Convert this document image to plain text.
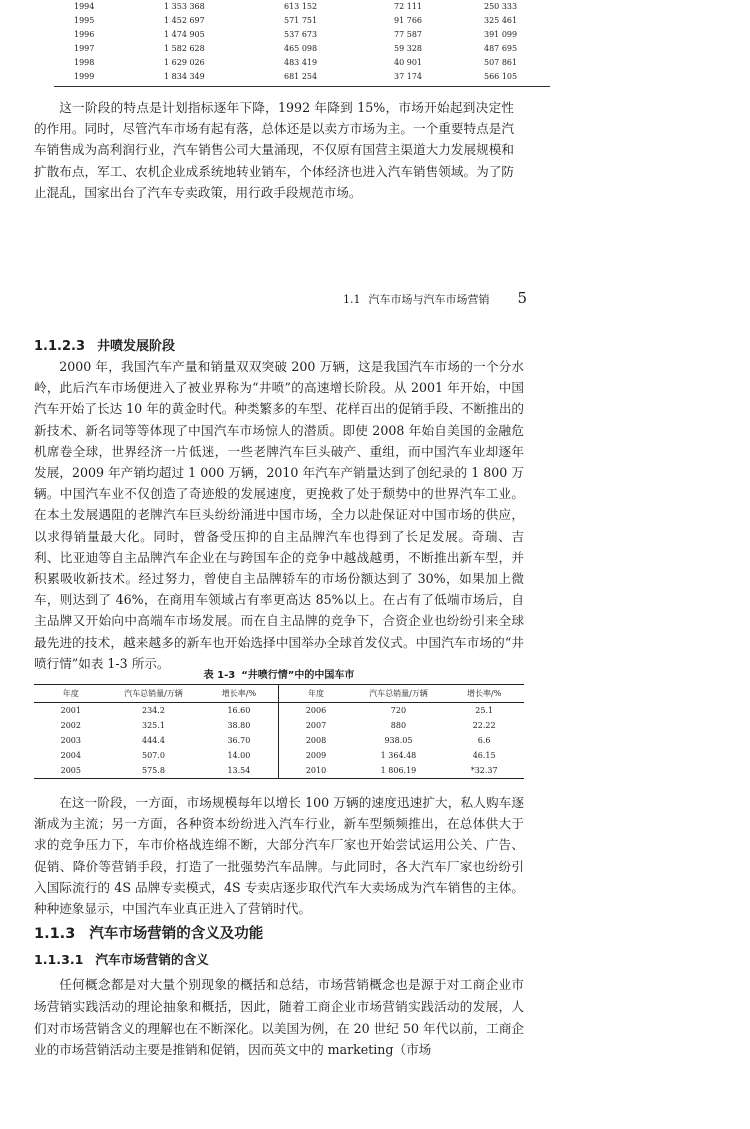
1994	1 353 368	613 152	72 111	250 333
1995	1 452 697	571 751	91 766	325 461
1996	1 474 905	537 673	77 587	391 099
1997	1 582 628	465 098	59 328	487 695
1998	1 629 026	483 419	40 901	507 861
1999	1 834 349	681 254	37 174	566 105

这一阶段的特点是计划指标逐年下降，1992 年降到 15%，市场开始起到决定性的作用。同时，尽管汽车市场有起有落，总体还是以卖方市场为主。一个重要特点是汽车销售成为高利润行业，汽车销售公司大量涌现，不仅原有国营主渠道大力发展规模和扩散布点，军工、农机企业成系统地转业销车，个体经济也进入汽车销售领域。为了防止混乱，国家出台了汽车专卖政策，用行政手段规范市场。

1.1 汽车市场与汽车市场营销 5
1.1.2.3 井喷发展阶段

2000 年，我国汽车产量和销量双双突破 200 万辆，这是我国汽车市场的一个分水岭，此后汽车市场便进入了被业界称为“井喷”的高速增长阶段。从 2001 年开始，中国汽车开始了长达 10 年的黄金时代。种类繁多的车型、花样百出的促销手段、不断推出的新技术、新名词等等体现了中国汽车市场惊人的潜质。即使 2008 年始自美国的金融危机席卷全球，世界经济一片低迷，一些老牌汽车巨头破产、重组，而中国汽车业却逐年发展，2009 年产销均超过 1 000 万辆，2010 年汽车产销量达到了创纪录的 1 800 万辆。中国汽车业不仅创造了奇迹般的发展速度，更挽救了处于颓势中的世界汽车工业。在本土发展遇阻的老牌汽车巨头纷纷涌进中国市场，全力以赴保证对中国市场的供应，以求得销量最大化。同时，曾备受压抑的自主品牌汽车也得到了长足发展。奇瑞、吉利、比亚迪等自主品牌汽车企业在与跨国车企的竞争中越战越勇，不断推出新车型，并积累吸收新技术。经过努力，曾使自主品牌轿车的市场份额达到了 30%，如果加上微车，则达到了 46%，在商用车领域占有率更高达 85%以上。在占有了低端市场后，自主品牌又开始向中高端车市场发展。而在自主品牌的竞争下，合资企业也纷纷引来全球最先进的技术，越来越多的新车也开始选择中国举办全球首发仪式。中国汽车市场的“井喷行情”如表 1-3 所示。

表 1-3 “井喷行情”中的中国车市
年度	汽车总销量/万辆	增长率/%	年度	汽车总销量/万辆	增长率/%
2001	234.2	16.60	2006	720	25.1
2002	325.1	38.80	2007	880	22.22
2003	444.4	36.70	2008	938.05	6.6
2004	507.0	14.00	2009	1 364.48	46.15
2005	575.8	13.54	2010	1 806.19	*32.37

在这一阶段，一方面，市场规模每年以增长 100 万辆的速度迅速扩大，私人购车逐渐成为主流；另一方面，各种资本纷纷进入汽车行业，新车型频频推出，在总体供大于求的竞争压力下，车市价格战连绵不断，大部分汽车厂家也开始尝试运用公关、广告、促销、降价等营销手段，打造了一批强势汽车品牌。与此同时，各大汽车厂家也纷纷引入国际流行的 4S 品牌专卖模式，4S 专卖店逐步取代汽车大卖场成为汽车销售的主体。种种迹象显示，中国汽车业真正进入了营销时代。

1.1.3 汽车市场营销的含义及功能
1.1.3.1 汽车市场营销的含义

任何概念都是对大量个别现象的概括和总结，市场营销概念也是源于对工商企业市场营销实践活动的理论抽象和概括，因此，随着工商企业市场营销实践活动的发展，人们对市场营销含义的理解也在不断深化。以美国为例，在 20 世纪 50 年代以前，工商企业的市场营销活动主要是推销和促销，因而英文中的 marketing（市场
